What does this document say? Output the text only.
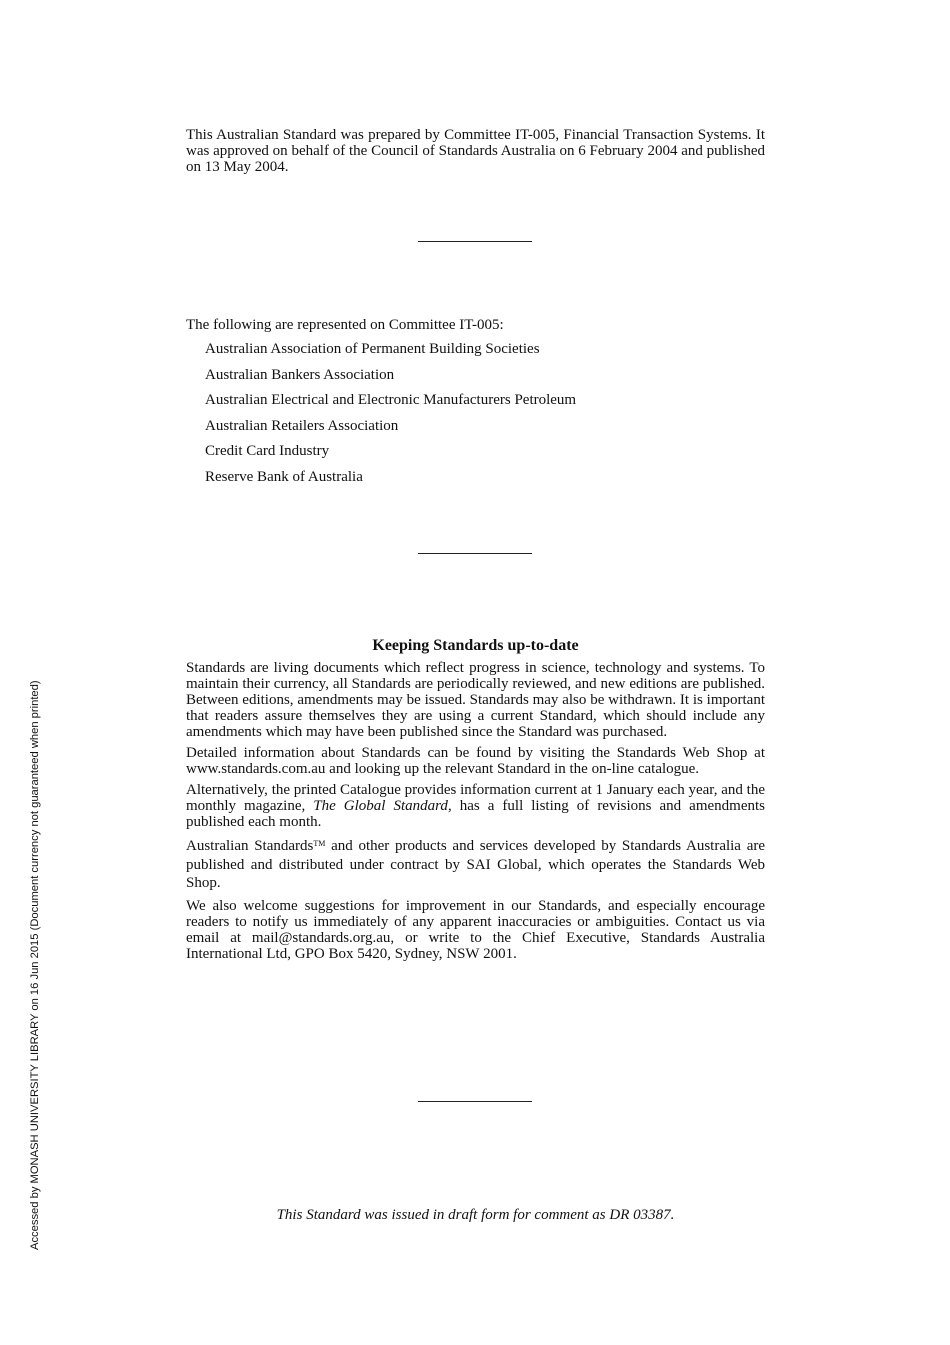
This Australian Standard was prepared by Committee IT-005, Financial Transaction Systems. It was approved on behalf of the Council of Standards Australia on 6 February 2004 and published on 13 May 2004.

The following are represented on Committee IT-005:

Australian Association of Permanent Building Societies
Australian Bankers Association
Australian Electrical and Electronic Manufacturers Petroleum
Australian Retailers Association
Credit Card Industry
Reserve Bank of Australia
Keeping Standards up-to-date

Standards are living documents which reflect progress in science, technology and systems. To maintain their currency, all Standards are periodically reviewed, and new editions are published. Between editions, amendments may be issued. Standards may also be withdrawn. It is important that readers assure themselves they are using a current Standard, which should include any amendments which may have been published since the Standard was purchased.

Detailed information about Standards can be found by visiting the Standards Web Shop at www.standards.com.au and looking up the relevant Standard in the on-line catalogue.

Alternatively, the printed Catalogue provides information current at 1 January each year, and the monthly magazine, The Global Standard, has a full listing of revisions and amendments published each month.

Australian Standards™ and other products and services developed by Standards Australia are published and distributed under contract by SAI Global, which operates the Standards Web Shop.

We also welcome suggestions for improvement in our Standards, and especially encourage readers to notify us immediately of any apparent inaccuracies or ambiguities. Contact us via email at mail@standards.org.au, or write to the Chief Executive, Standards Australia International Ltd, GPO Box 5420, Sydney, NSW 2001.

This Standard was issued in draft form for comment as DR 03387.
Accessed by MONASH UNIVERSITY LIBRARY on 16 Jun 2015 (Document currency not guaranteed when printed)
